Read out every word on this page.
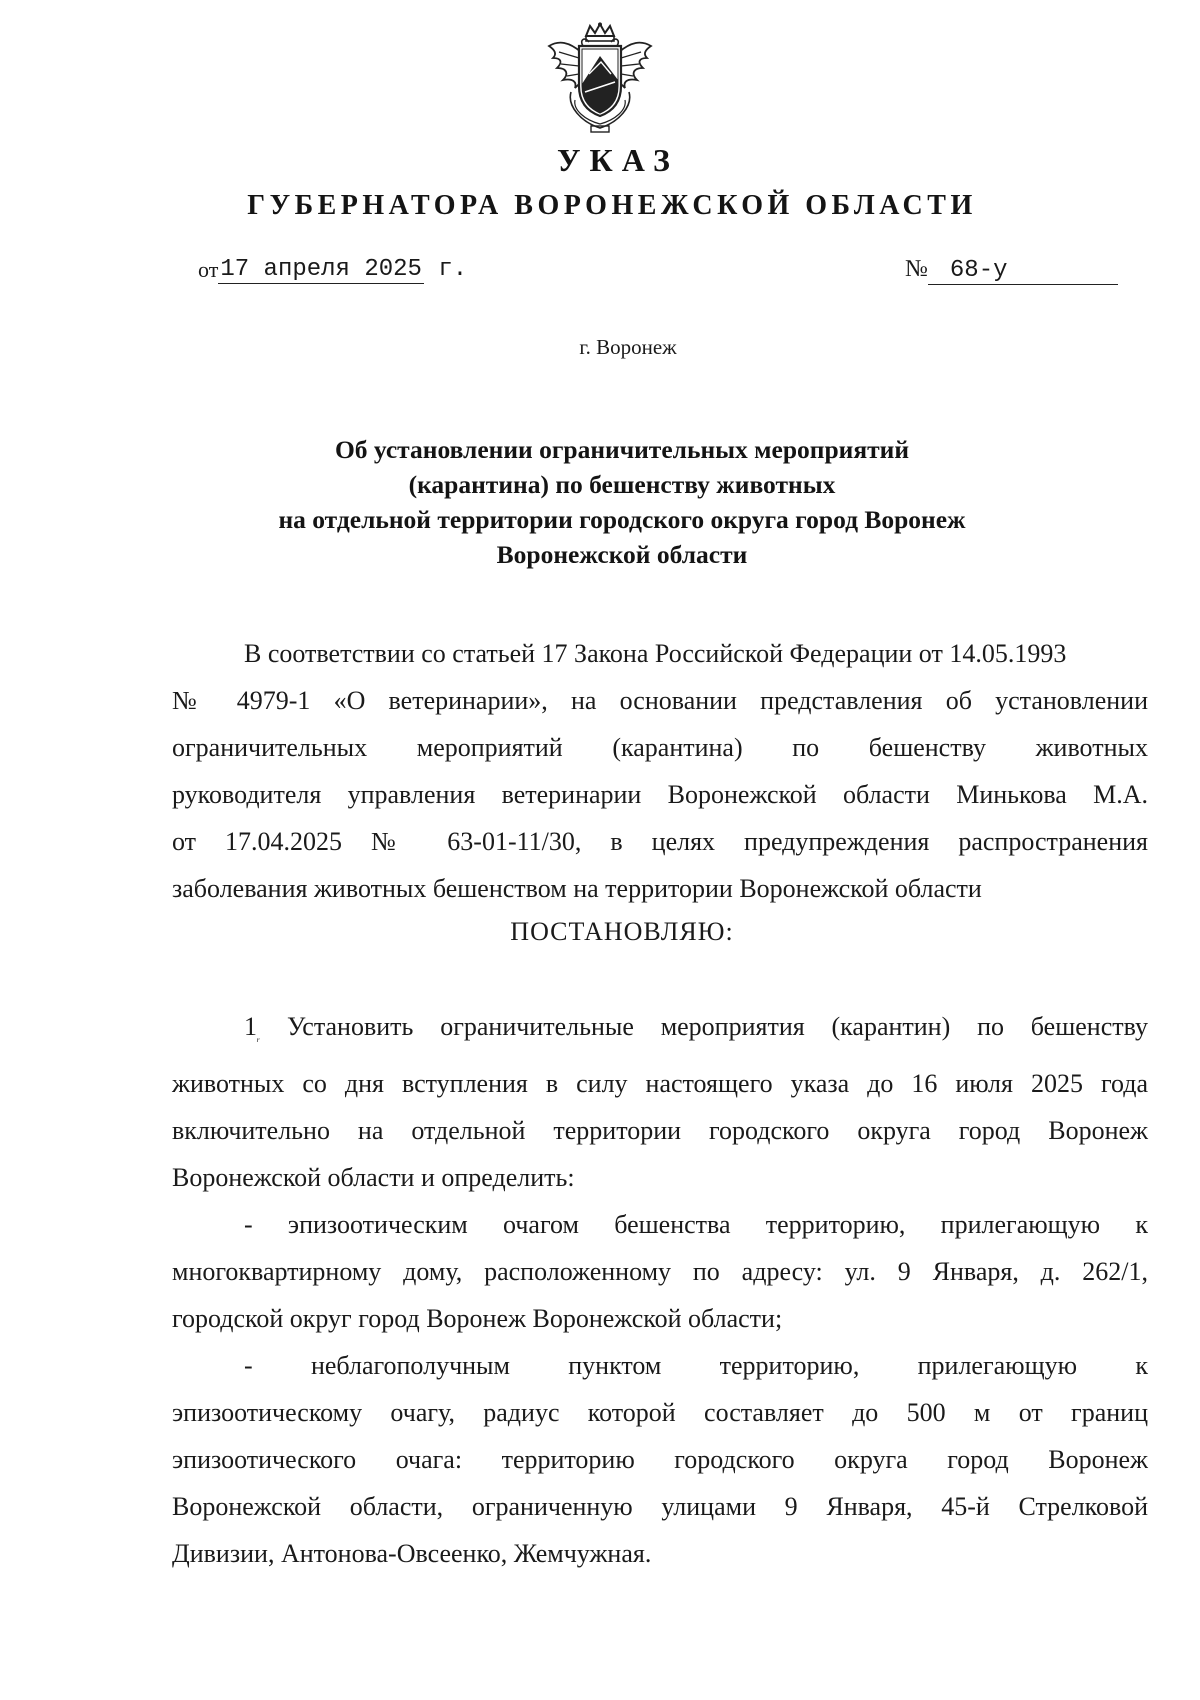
УКАЗ
ГУБЕРНАТОРА ВОРОНЕЖСКОЙ ОБЛАСТИ
от17 апреля 2025 г.	№ 68-у
г. Воронеж
Об установлении ограничительных мероприятий
(карантина) по бешенству животных
на отдельной территории городского округа город Воронеж
Воронежской области
В соответствии со статьей 17 Закона Российской Федерации от 14.05.1993
№ 4979-1 «О ветеринарии», на основании представления об установлении
ограничительных мероприятий (карантина) по бешенству животных
руководителя управления ветеринарии Воронежской области Минькова М.А.
от 17.04.2025 № 63-01-11/30, в целях предупреждения распространения
заболевания животных бешенством на территории Воронежской области
ПОСТАНОВЛЯЮ:
$1_ᵣ$ Установить ограничительные мероприятия (карантин) по бешенству
животных со дня вступления в силу настоящего указа до 16 июля 2025 года
включительно на отдельной территории городского округа город Воронеж
Воронежской области и определить:
- эпизоотическим очагом бешенства территорию, прилегающую к
многоквартирному дому, расположенному по адресу: ул. 9 Января, д. 262/1,
городской округ город Воронеж Воронежской области;
- неблагополучным пунктом территорию, прилегающую к
эпизоотическому очагу, радиус которой составляет до 500 м от границ
эпизоотического очага: территорию городского округа город Воронеж
Воронежской области, ограниченную улицами 9 Января, 45-й Стрелковой
Дивизии, Антонова-Овсеенко, Жемчужная.
